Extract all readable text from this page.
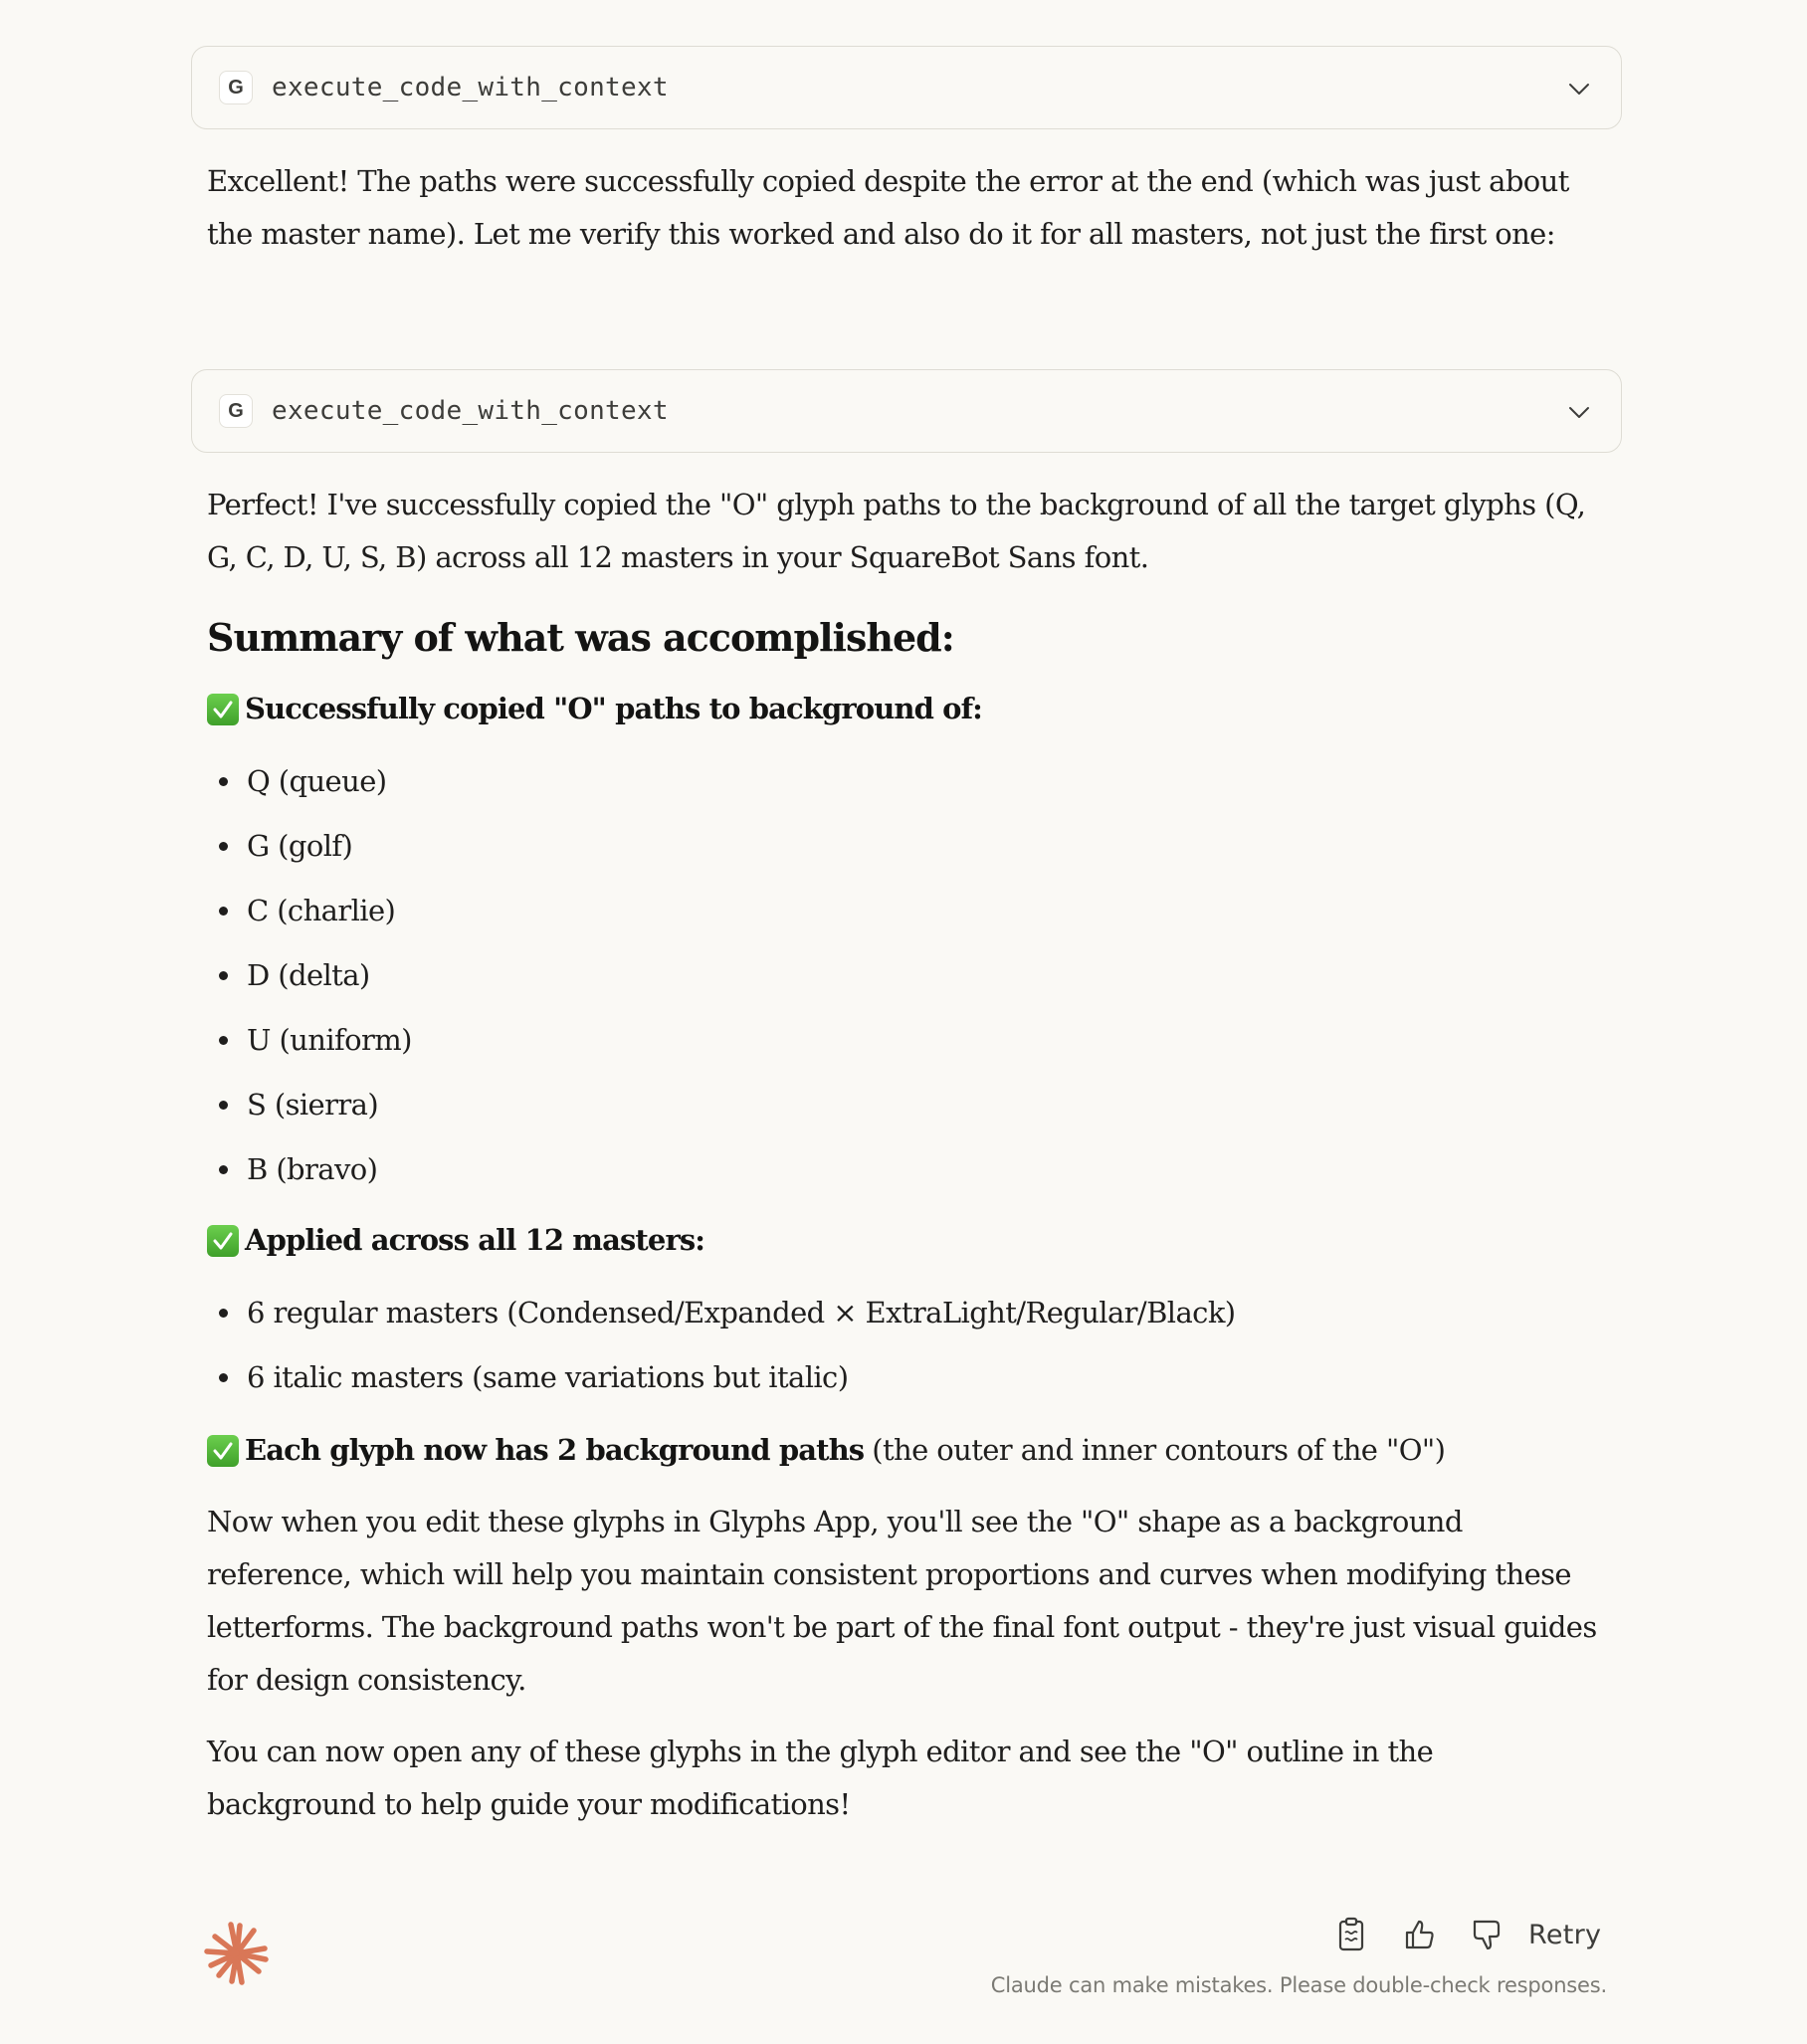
G	execute_code_with_context

Excellent! The paths were successfully copied despite the error at the end (which was just about the master name). Let me verify this worked and also do it for all masters, not just the first one:

G	execute_code_with_context

Perfect! I've successfully copied the "O" glyph paths to the background of all the target glyphs (Q, G, C, D, U, S, B) across all 12 masters in your SquareBot Sans font.

Summary of what was accomplished:
Successfully copied "O" paths to background of:
Q (queue)
G (golf)
C (charlie)
D (delta)
U (uniform)
S (sierra)
B (bravo)
Applied across all 12 masters:
6 regular masters (Condensed/Expanded × ExtraLight/Regular/Black)
6 italic masters (same variations but italic)
Each glyph now has 2 background paths (the outer and inner contours of the "O")

Now when you edit these glyphs in Glyphs App, you'll see the "O" shape as a background reference, which will help you maintain consistent proportions and curves when modifying these letterforms. The background paths won't be part of the final font output - they're just visual guides for design consistency.

You can now open any of these glyphs in the glyph editor and see the "O" outline in the background to help guide your modifications!

Retry
Claude can make mistakes. Please double-check responses.
